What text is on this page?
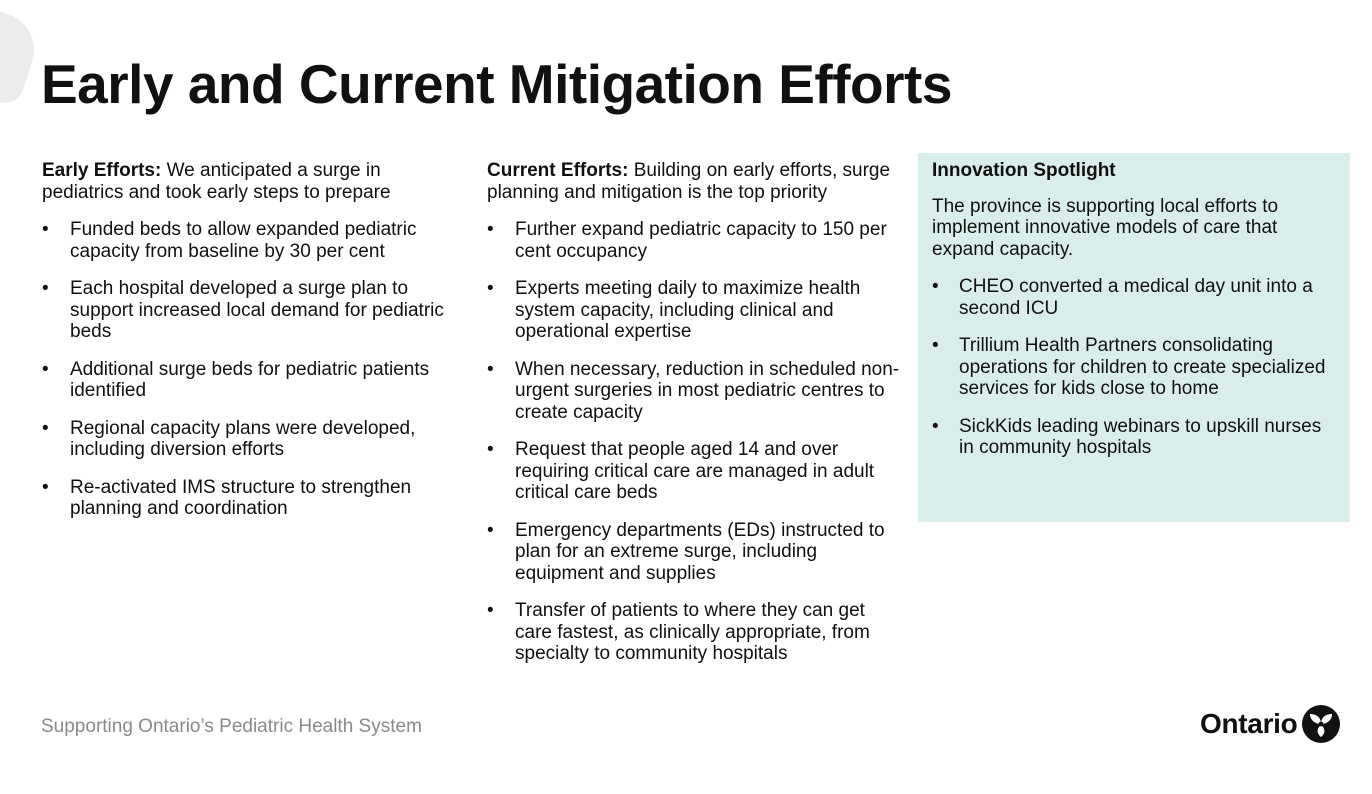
Early and Current Mitigation Efforts

Early Efforts: We anticipated a surge in pediatrics and took early steps to prepare

• Funded beds to allow expanded pediatric capacity from baseline by 30 per cent
• Each hospital developed a surge plan to support increased local demand for pediatric beds
• Additional surge beds for pediatric patients identified
• Regional capacity plans were developed, including diversion efforts
• Re-activated IMS structure to strengthen planning and coordination

Current Efforts: Building on early efforts, surge planning and mitigation is the top priority

• Further expand pediatric capacity to 150 per cent occupancy
• Experts meeting daily to maximize health system capacity, including clinical and operational expertise
• When necessary, reduction in scheduled non-urgent surgeries in most pediatric centres to create capacity
• Request that people aged 14 and over requiring critical care are managed in adult critical care beds
• Emergency departments (EDs) instructed to plan for an extreme surge, including equipment and supplies
• Transfer of patients to where they can get care fastest, as clinically appropriate, from specialty to community hospitals

Innovation Spotlight

The province is supporting local efforts to implement innovative models of care that expand capacity.

• CHEO converted a medical day unit into a second ICU
• Trillium Health Partners consolidating operations for children to create specialized services for kids close to home
• SickKids leading webinars to upskill nurses in community hospitals
Supporting Ontario’s Pediatric Health System	Ontario
